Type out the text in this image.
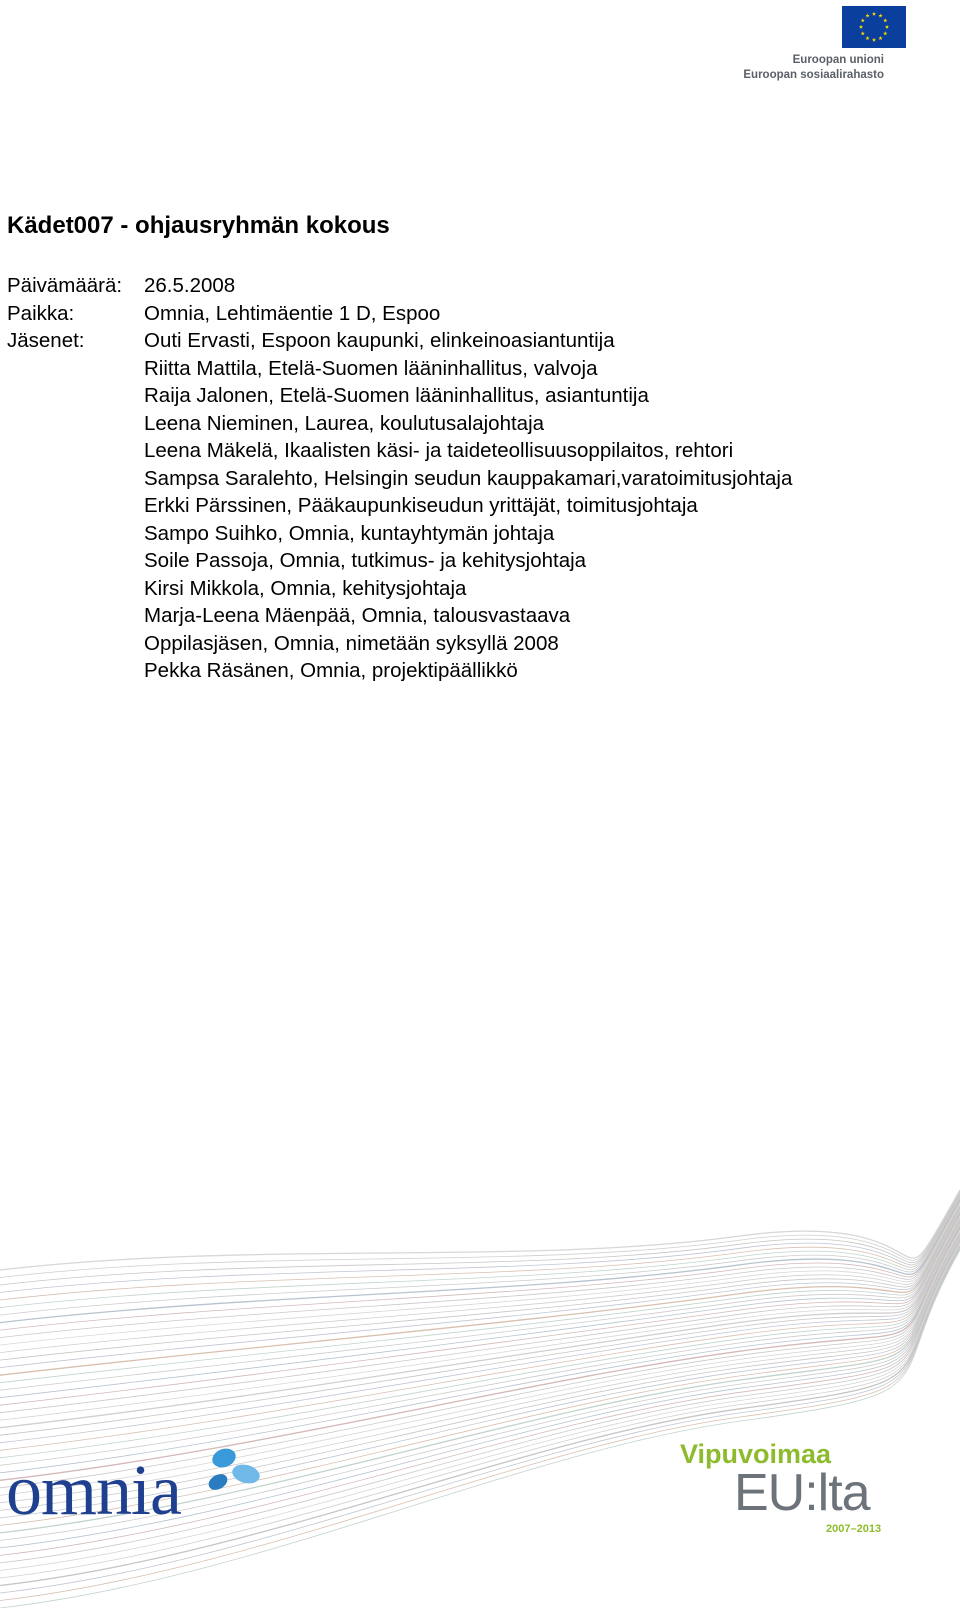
Euroopan unioni
Euroopan sosiaalirahasto
Kädet007 - ohjausryhmän kokous
Päivämäärä: 26.5.2008
Paikka:	Omnia, Lehtimäentie 1 D, Espoo
Jäsenet:	Outi Ervasti, Espoon kaupunki, elinkeinoasiantuntija
Riitta Mattila, Etelä-Suomen lääninhallitus, valvoja
Raija Jalonen, Etelä-Suomen lääninhallitus, asiantuntija
Leena Nieminen, Laurea, koulutusalajohtaja
Leena Mäkelä, Ikaalisten käsi- ja taideteollisuusoppilaitos, rehtori
Sampsa Saralehto, Helsingin seudun kauppakamari,varatoimitusjohtaja
Erkki Pärssinen, Pääkaupunkiseudun yrittäjät, toimitusjohtaja
Sampo Suihko, Omnia, kuntayhtymän johtaja
Soile Passoja, Omnia, tutkimus- ja kehitysjohtaja
Kirsi Mikkola, Omnia, kehitysjohtaja
Marja-Leena Mäenpää, Omnia, talousvastaava
Oppilasjäsen, Omnia, nimetään syksyllä 2008
Pekka Räsänen, Omnia, projektipäällikkö
omnia	Vipuvoimaa
EU:lta
2007–2013
